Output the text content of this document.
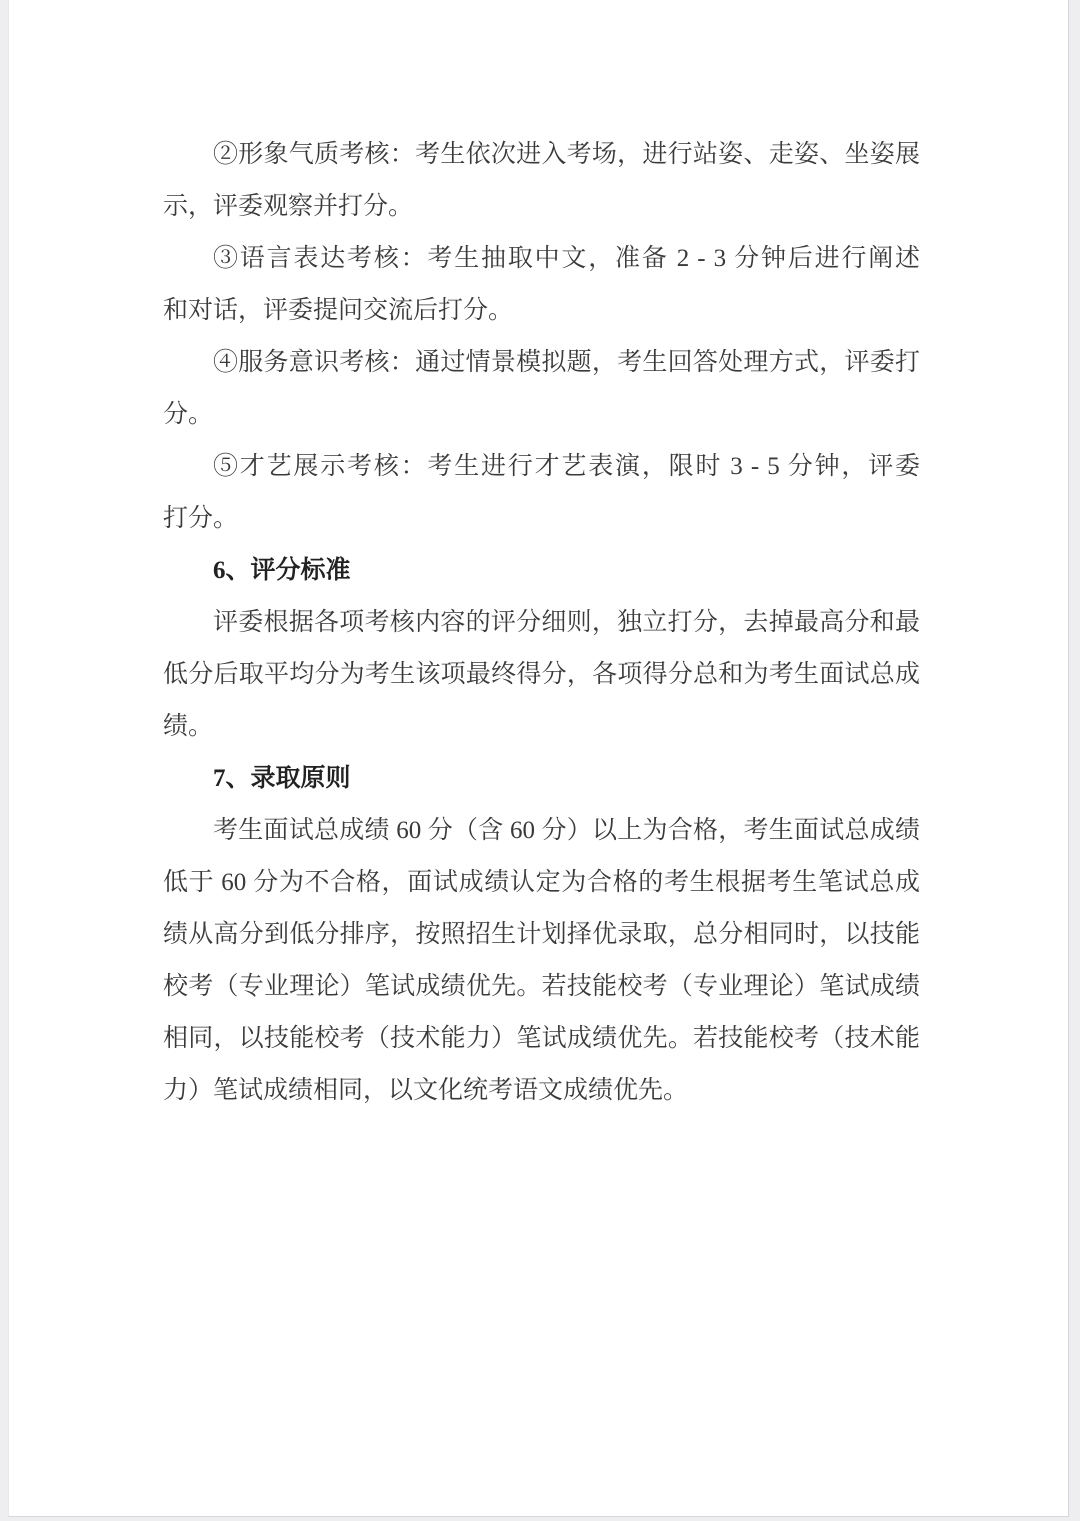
②形象气质考核：考生依次进入考场，进行站姿、走姿、坐姿展
示，评委观察并打分。
③语言表达考核：考生抽取中文，准备 2 - 3 分钟后进行阐述
和对话，评委提问交流后打分。
④服务意识考核：通过情景模拟题，考生回答处理方式，评委打
分。
⑤才艺展示考核：考生进行才艺表演，限时 3 - 5 分钟，评委
打分。
6、评分标准
评委根据各项考核内容的评分细则，独立打分，去掉最高分和最
低分后取平均分为考生该项最终得分，各项得分总和为考生面试总成
绩。
7、录取原则
考生面试总成绩 60 分（含 60 分）以上为合格，考生面试总成绩
低于 60 分为不合格，面试成绩认定为合格的考生根据考生笔试总成
绩从高分到低分排序，按照招生计划择优录取，总分相同时，以技能
校考（专业理论）笔试成绩优先。若技能校考（专业理论）笔试成绩
相同，以技能校考（技术能力）笔试成绩优先。若技能校考（技术能
力）笔试成绩相同，以文化统考语文成绩优先。
